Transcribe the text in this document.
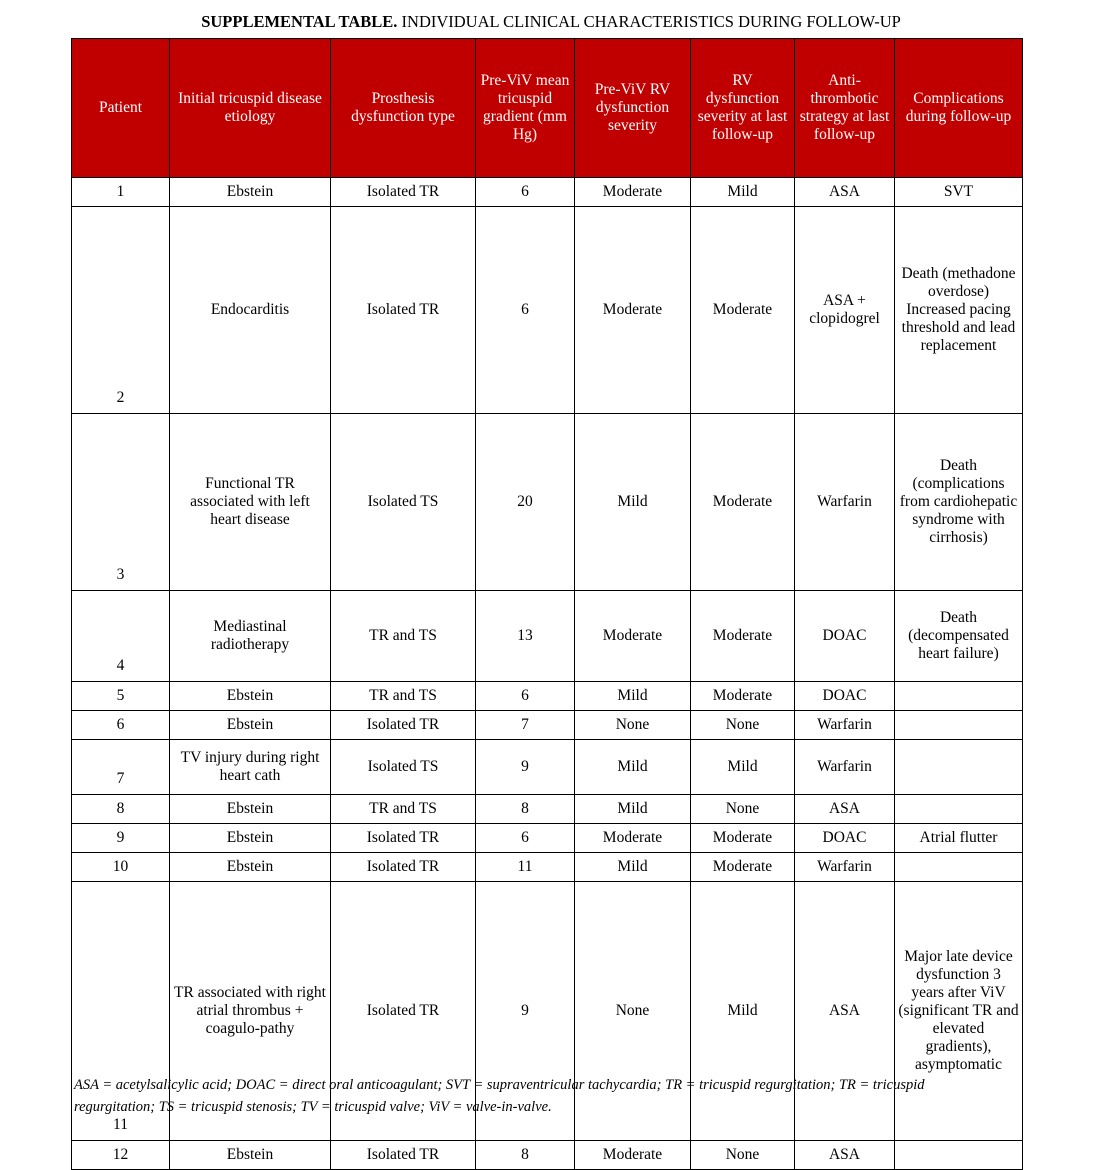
SUPPLEMENTAL TABLE. INDIVIDUAL CLINICAL CHARACTERISTICS DURING FOLLOW-UP
Patient	Initial tricuspid disease etiology	Prosthesis dysfunction type	Pre-ViV mean tricuspid gradient (mm Hg)	Pre-ViV RV dysfunction severity	RV dysfunction severity at last follow-up	Anti-thrombotic strategy at last follow-up	Complications during follow-up
1	Ebstein	Isolated TR	6	Moderate	Mild	ASA	SVT
2	Endocarditis	Isolated TR	6	Moderate	Moderate	ASA + clopidogrel	Death (methadone overdose) Increased pacing threshold and lead replacement
3	Functional TR associated with left heart disease	Isolated TS	20	Mild	Moderate	Warfarin	Death (complications from cardiohepatic syndrome with cirrhosis)
4	Mediastinal radiotherapy	TR and TS	13	Moderate	Moderate	DOAC	Death (decompensated heart failure)
5	Ebstein	TR and TS	6	Mild	Moderate	DOAC	
6	Ebstein	Isolated TR	7	None	None	Warfarin	
7	TV injury during right heart cath	Isolated TS	9	Mild	Mild	Warfarin	
8	Ebstein	TR and TS	8	Mild	None	ASA	
9	Ebstein	Isolated TR	6	Moderate	Moderate	DOAC	Atrial flutter
10	Ebstein	Isolated TR	11	Mild	Moderate	Warfarin	
11	TR associated with right atrial thrombus + coagulo-pathy	Isolated TR	9	None	Mild	ASA	Major late device dysfunction 3 years after ViV (significant TR and elevated gradients), asymptomatic
12	Ebstein	Isolated TR	8	Moderate	None	ASA	
ASA = acetylsalicylic acid; DOAC = direct oral anticoagulant; SVT = supraventricular tachycardia; TR = tricuspid regurgitation; TR = tricuspid regurgitation; TS = tricuspid stenosis; TV = tricuspid valve; ViV = valve-in-valve.
